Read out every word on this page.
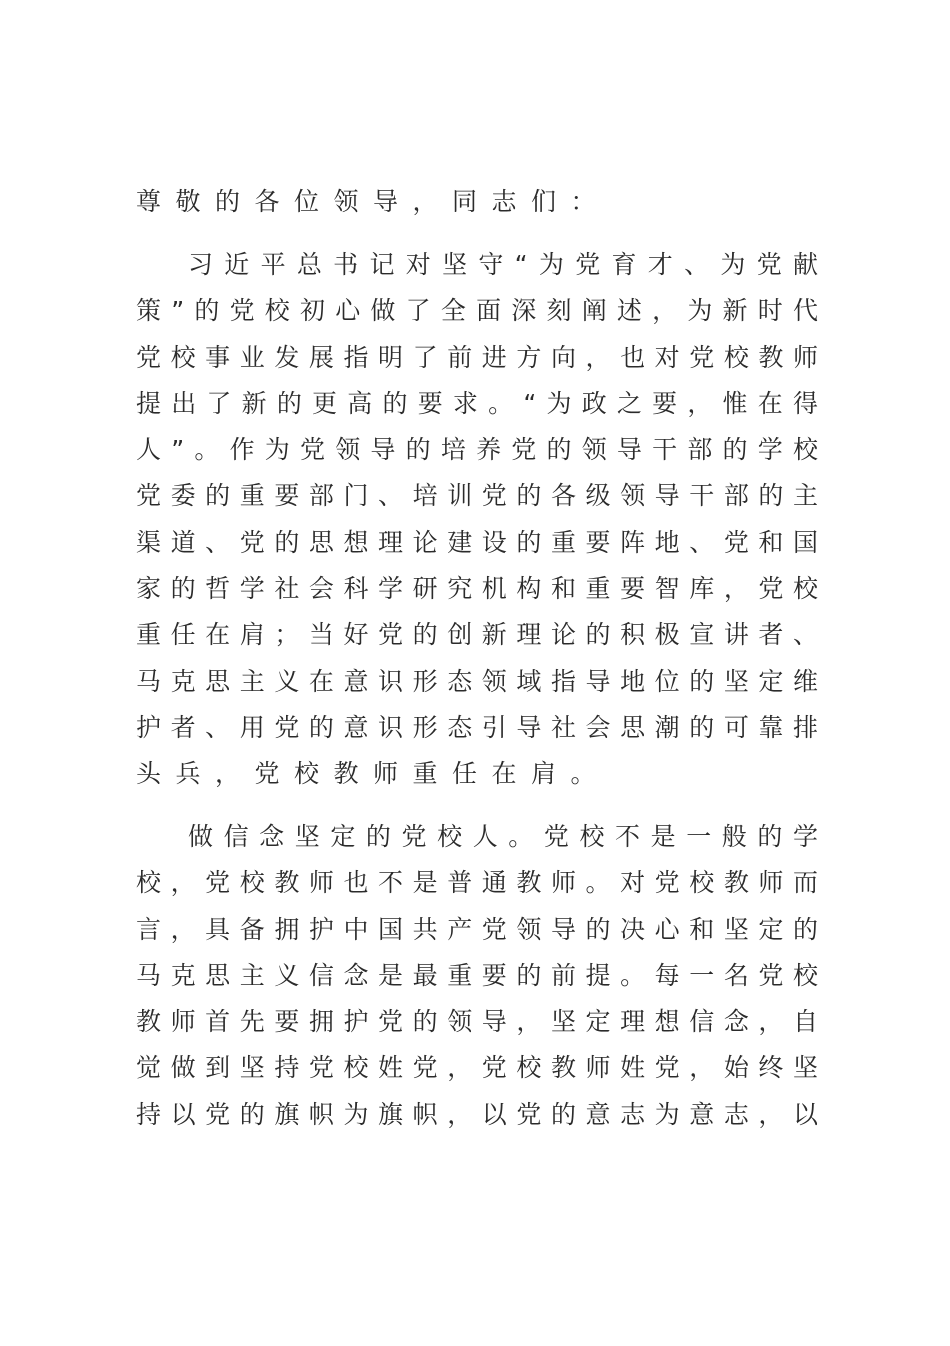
尊敬的各位领导，同志们：
习近平总书记对坚守“为党育才、为党献
策”的党校初心做了全面深刻阐述，为新时代
党校事业发展指明了前进方向，也对党校教师
提出了新的更高的要求。“为政之要，惟在得
人”。作为党领导的培养党的领导干部的学校
党委的重要部门、培训党的各级领导干部的主
渠道、党的思想理论建设的重要阵地、党和国
家的哲学社会科学研究机构和重要智库，党校
重任在肩；当好党的创新理论的积极宣讲者、
马克思主义在意识形态领域指导地位的坚定维
护者、用党的意识形态引导社会思潮的可靠排
头兵，党校教师重任在肩。
做信念坚定的党校人。党校不是一般的学
校，党校教师也不是普通教师。对党校教师而
言，具备拥护中国共产党领导的决心和坚定的
马克思主义信念是最重要的前提。每一名党校
教师首先要拥护党的领导，坚定理想信念，自
觉做到坚持党校姓党，党校教师姓党，始终坚
持以党的旗帜为旗帜，以党的意志为意志，以
